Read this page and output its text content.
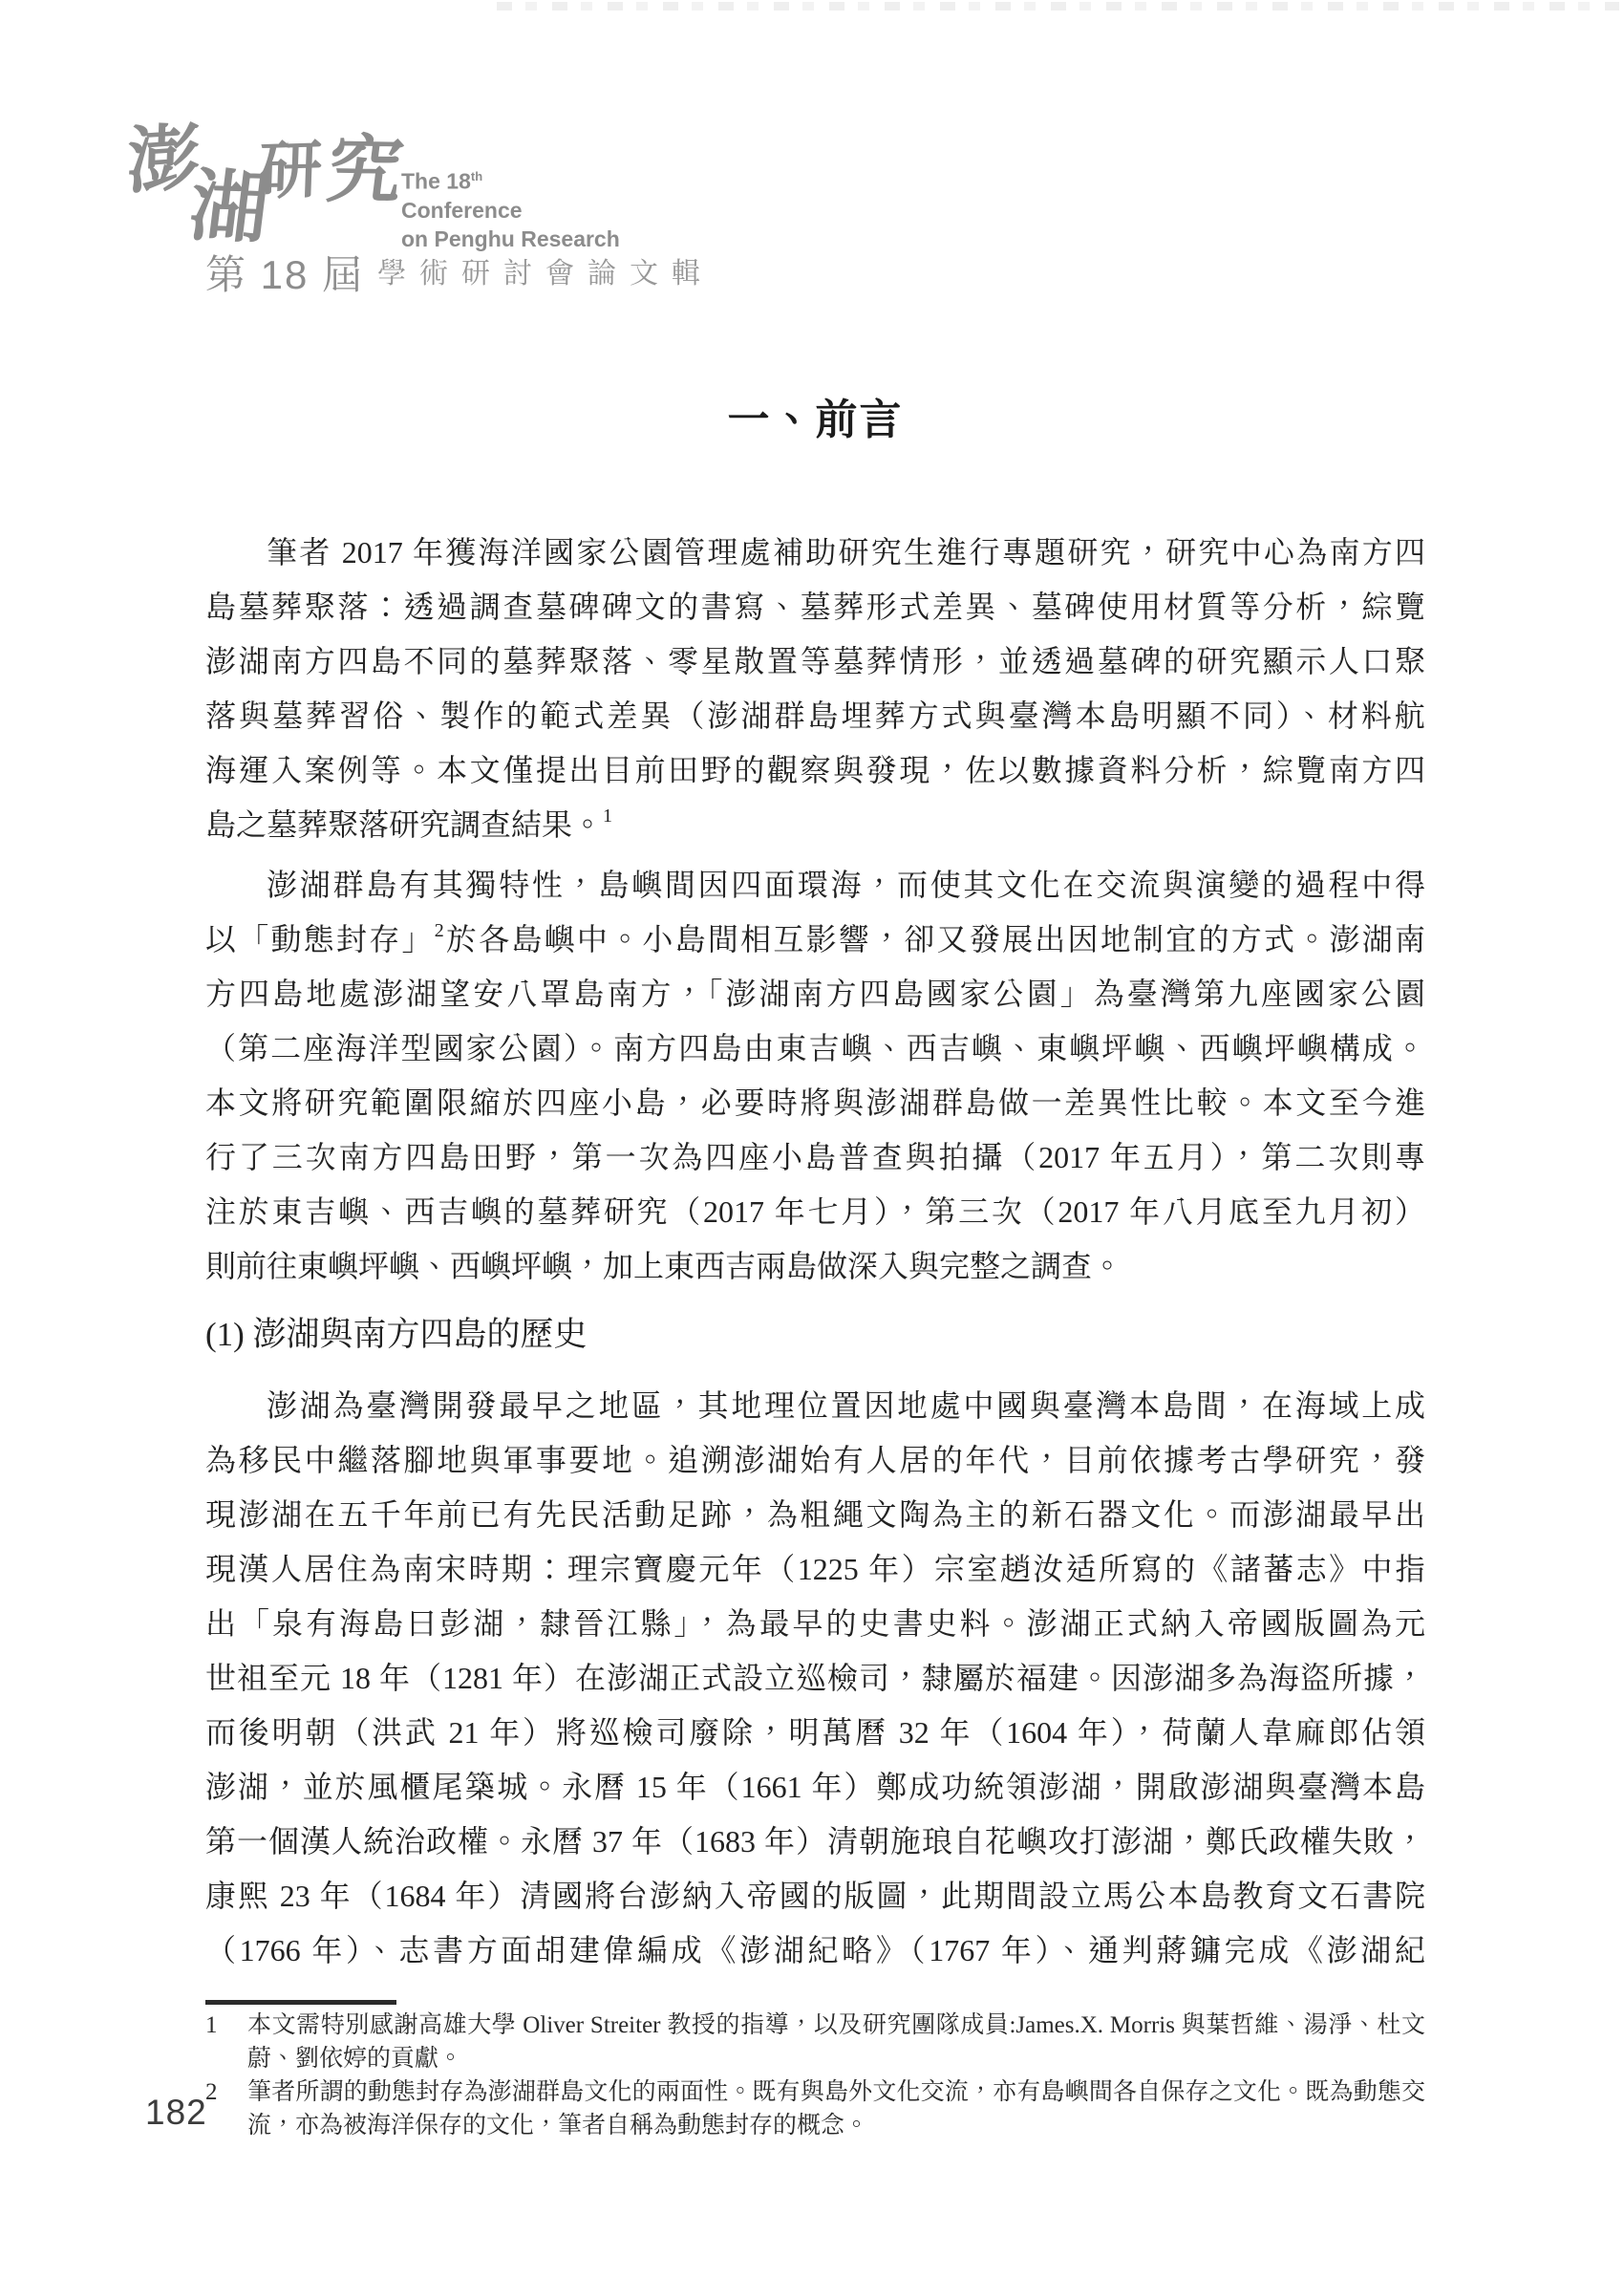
澎
湖
研 究
The 18th
Conference
on Penghu Research
第 18 屆 學術研討會論文輯
一、前言
筆者 2017 年獲海洋國家公園管理處補助研究生進行專題研究，研究中心為南方四
島墓葬聚落：透過調查墓碑碑文的書寫、墓葬形式差異、墓碑使用材質等分析，綜覽
澎湖南方四島不同的墓葬聚落、零星散置等墓葬情形，並透過墓碑的研究顯示人口聚
落與墓葬習俗、製作的範式差異（澎湖群島埋葬方式與臺灣本島明顯不同）、材料航
海運入案例等。本文僅提出目前田野的觀察與發現，佐以數據資料分析，綜覽南方四
島之墓葬聚落研究調查結果。$^1$
澎湖群島有其獨特性，島嶼間因四面環海，而使其文化在交流與演變的過程中得
以「動態封存」$^2$於各島嶼中。小島間相互影響，卻又發展出因地制宜的方式。澎湖南
方四島地處澎湖望安八罩島南方，「澎湖南方四島國家公園」為臺灣第九座國家公園
（第二座海洋型國家公園）。南方四島由東吉嶼、西吉嶼、東嶼坪嶼、西嶼坪嶼構成。
本文將研究範圍限縮於四座小島，必要時將與澎湖群島做一差異性比較。本文至今進
行了三次南方四島田野，第一次為四座小島普查與拍攝（2017 年五月），第二次則專
注於東吉嶼、西吉嶼的墓葬研究（2017 年七月），第三次（2017 年八月底至九月初）
則前往東嶼坪嶼、西嶼坪嶼，加上東西吉兩島做深入與完整之調查。
(1) 澎湖與南方四島的歷史
澎湖為臺灣開發最早之地區，其地理位置因地處中國與臺灣本島間，在海域上成
為移民中繼落腳地與軍事要地。追溯澎湖始有人居的年代，目前依據考古學研究，發
現澎湖在五千年前已有先民活動足跡，為粗繩文陶為主的新石器文化。而澎湖最早出
現漢人居住為南宋時期：理宗寶慶元年（1225 年）宗室趙汝适所寫的《諸蕃志》中指
出「泉有海島曰彭湖，隸晉江縣」，為最早的史書史料。澎湖正式納入帝國版圖為元
世祖至元 18 年（1281 年）在澎湖正式設立巡檢司，隸屬於福建。因澎湖多為海盜所據，
而後明朝（洪武 21 年）將巡檢司廢除，明萬曆 32 年（1604 年），荷蘭人韋麻郎佔領
澎湖，並於風櫃尾築城。永曆 15 年（1661 年）鄭成功統領澎湖，開啟澎湖與臺灣本島
第一個漢人統治政權。永曆 37 年（1683 年）清朝施琅自花嶼攻打澎湖，鄭氏政權失敗，
康熙 23 年（1684 年）清國將台澎納入帝國的版圖，此期間設立馬公本島教育文石書院
（1766 年）、志書方面胡建偉編成《澎湖紀略》（1767 年）、通判蔣鏞完成《澎湖紀
1	本文需特別感謝高雄大學 Oliver Streiter 教授的指導，以及研究團隊成員:James.X. Morris 與葉哲維、湯淨、杜文蔚、劉依婷的貢獻。
2	筆者所謂的動態封存為澎湖群島文化的兩面性。既有與島外文化交流，亦有島嶼間各自保存之文化。既為動態交流，亦為被海洋保存的文化，筆者自稱為動態封存的概念。
182
